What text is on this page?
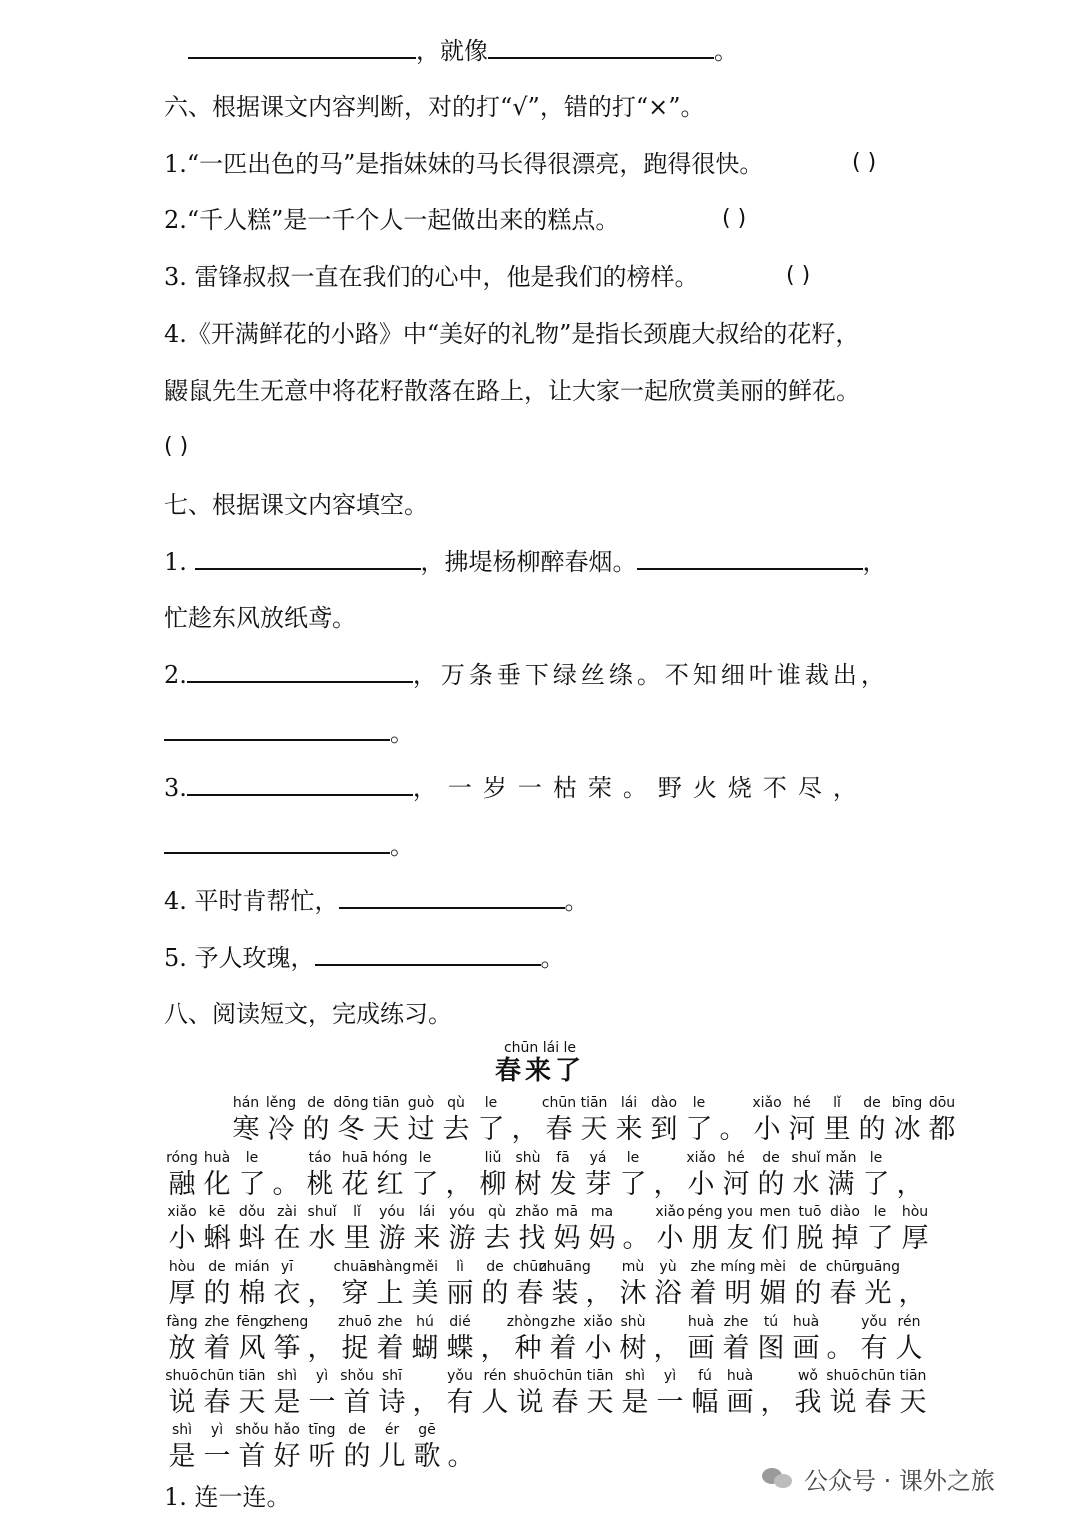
，就像	。
六、根据课文内容判断，对的打“√”，错的打“×”。
1.“一匹出色的马”是指妹妹的马长得很漂亮，跑得很快。	( )
2.“千人糕”是一千个人一起做出来的糕点。	( )
3. 雷锋叔叔一直在我们的心中，他是我们的榜样。	( )
4.《开满鲜花的小路》中“美好的礼物”是指长颈鹿大叔给的花籽，
鼹鼠先生无意中将花籽散落在路上，让大家一起欣赏美丽的鲜花。
( )
七、根据课文内容填空。
1.	，拂堤杨柳醉春烟。	，
忙趁东风放纸鸢。
2.	，万条垂下绿丝绦。不知细叶谁裁出，
。
3.	，一岁一枯荣。野火烧不尽，
。
4. 平时肯帮忙，	。
5. 予人玫瑰，	。
八、阅读短文，完成练习。
chūn lái le
春来了
hán
寒
lěng
冷
de
的
dōng
冬
tiān
天
guò
过
qù
去
le
了 ，
chūn
春
tiān
天
lái
来
dào
到
le
了 。
xiǎo
小
hé
河
lǐ
里
de
的
bīng
冰
dōu
都
róng
融
huà
化
le
了 。
táo
桃
huā
花
hóng
红
le
了 ，
liǔ
柳
shù
树
fā
发
yá
芽
le
了 ，
xiǎo
小
hé
河
de
的
shuǐ
水
mǎn
满
le
了 ，
xiǎo
小
kē
蝌
dǒu
蚪
zài
在
shuǐ
水
lǐ
里
yóu
游
lái
来
yóu
游
qù
去
zhǎo
找
mā
妈
ma
妈 。
xiǎo
小
péng
朋
you
友
men
们
tuō
脱
diào
掉
le
了
hòu
厚
hòu
厚
de
的
mián
棉
yī
衣 ，
chuān
穿
shàng
上
měi
美
lì
丽
de
的
chūn
春
zhuāng
装 ，
mù
沐
yù
浴
zhe
着
míng
明
mèi
媚
de
的
chūn
春
guāng
光 ，
fàng
放
zhe
着
fēng
风
zheng
筝 ，
zhuō
捉
zhe
着
hú
蝴
dié
蝶 ，
zhòng
种
zhe
着
xiǎo
小
shù
树 ，
huà
画
zhe
着
tú
图
huà
画 。
yǒu
有
rén
人
shuō
说
chūn
春
tiān
天
shì
是
yì
一
shǒu
首
shī
诗 ，
yǒu
有
rén
人
shuō
说
chūn
春
tiān
天
shì
是
yì
一
fú
幅
huà
画 ，
wǒ
我
shuō
说
chūn
春
tiān
天
shì
是
yì
一
shǒu
首
hǎo
好
tīng
听
de
的
ér
儿
gē
歌 。
1. 连一连。
公众号 · 课外之旅
